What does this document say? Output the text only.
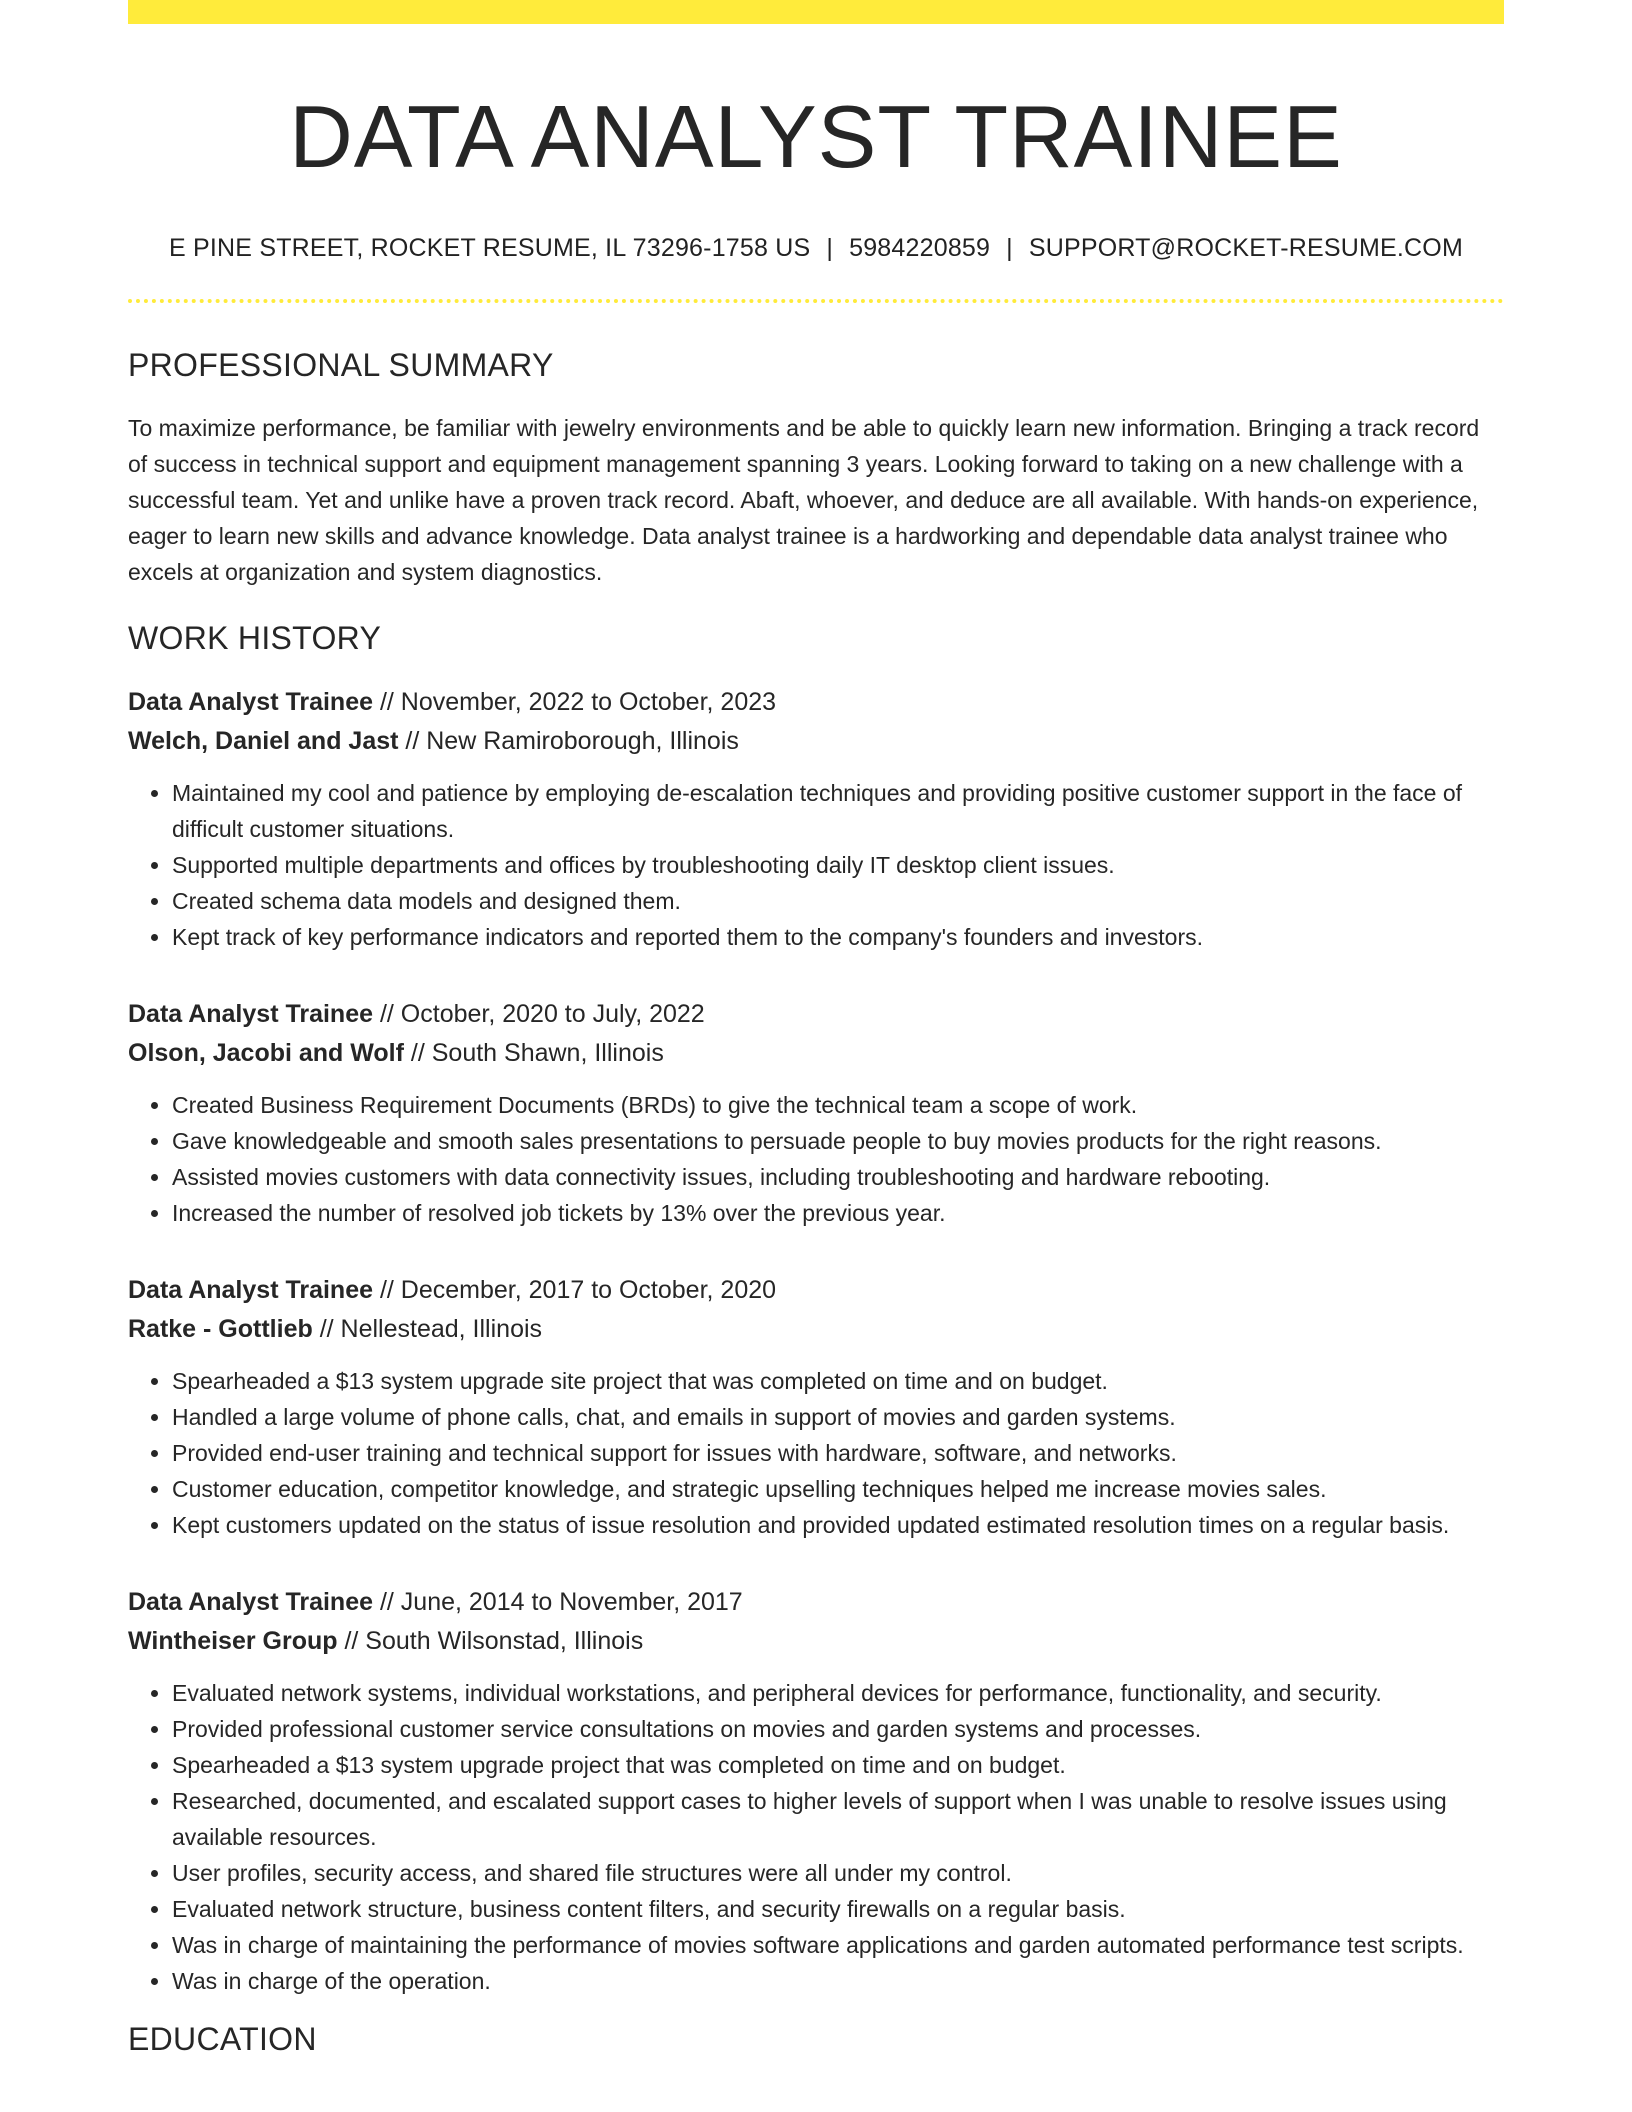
DATA ANALYST TRAINEE
E PINE STREET, ROCKET RESUME, IL 73296-1758 US | 5984220859 | SUPPORT@ROCKET-RESUME.COM
PROFESSIONAL SUMMARY

To maximize performance, be familiar with jewelry environments and be able to quickly learn new information. Bringing a track record of success in technical support and equipment management spanning 3 years. Looking forward to taking on a new challenge with a successful team. Yet and unlike have a proven track record. Abaft, whoever, and deduce are all available. With hands-on experience, eager to learn new skills and advance knowledge. Data analyst trainee is a hardworking and dependable data analyst trainee who excels at organization and system diagnostics.

WORK HISTORY
Data Analyst Trainee // November, 2022 to October, 2023
Welch, Daniel and Jast // New Ramiroborough, Illinois
• Maintained my cool and patience by employing de-escalation techniques and providing positive customer support in the face of difficult customer situations.
• Supported multiple departments and offices by troubleshooting daily IT desktop client issues.
• Created schema data models and designed them.
• Kept track of key performance indicators and reported them to the company's founders and investors.
Data Analyst Trainee // October, 2020 to July, 2022
Olson, Jacobi and Wolf // South Shawn, Illinois
• Created Business Requirement Documents (BRDs) to give the technical team a scope of work.
• Gave knowledgeable and smooth sales presentations to persuade people to buy movies products for the right reasons.
• Assisted movies customers with data connectivity issues, including troubleshooting and hardware rebooting.
• Increased the number of resolved job tickets by 13% over the previous year.
Data Analyst Trainee // December, 2017 to October, 2020
Ratke - Gottlieb // Nellestead, Illinois
• Spearheaded a $13 system upgrade site project that was completed on time and on budget.
• Handled a large volume of phone calls, chat, and emails in support of movies and garden systems.
• Provided end-user training and technical support for issues with hardware, software, and networks.
• Customer education, competitor knowledge, and strategic upselling techniques helped me increase movies sales.
• Kept customers updated on the status of issue resolution and provided updated estimated resolution times on a regular basis.
Data Analyst Trainee // June, 2014 to November, 2017
Wintheiser Group // South Wilsonstad, Illinois
• Evaluated network systems, individual workstations, and peripheral devices for performance, functionality, and security.
• Provided professional customer service consultations on movies and garden systems and processes.
• Spearheaded a $13 system upgrade project that was completed on time and on budget.
• Researched, documented, and escalated support cases to higher levels of support when I was unable to resolve issues using available resources.
• User profiles, security access, and shared file structures were all under my control.
• Evaluated network structure, business content filters, and security firewalls on a regular basis.
• Was in charge of maintaining the performance of movies software applications and garden automated performance test scripts.
• Was in charge of the operation.
EDUCATION
